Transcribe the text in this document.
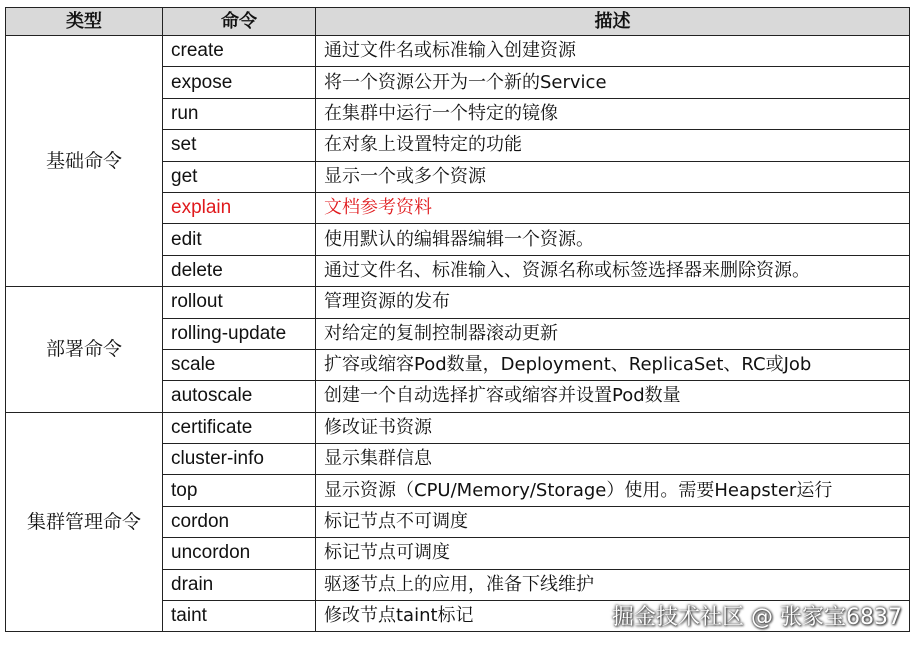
类型	命令	描述
基础命令	create	通过文件名或标准输入创建资源
	expose	将一个资源公开为一个新的Service
	run	在集群中运行一个特定的镜像
	set	在对象上设置特定的功能
	get	显示一个或多个资源
	explain	文档参考资料
	edit	使用默认的编辑器编辑一个资源。
	delete	通过文件名、标准输入、资源名称或标签选择器来删除资源。
部署命令	rollout	管理资源的发布
	rolling-update	对给定的复制控制器滚动更新
	scale	扩容或缩容Pod数量，Deployment、ReplicaSet、RC或Job
	autoscale	创建一个自动选择扩容或缩容并设置Pod数量
集群管理命令	certificate	修改证书资源
	cluster-info	显示集群信息
	top	显示资源（CPU/Memory/Storage）使用。需要Heapster运行
	cordon	标记节点不可调度
	uncordon	标记节点可调度
	drain	驱逐节点上的应用，准备下线维护
	taint	修改节点taint标记	掘金技术社区 @ 张家宝6837
